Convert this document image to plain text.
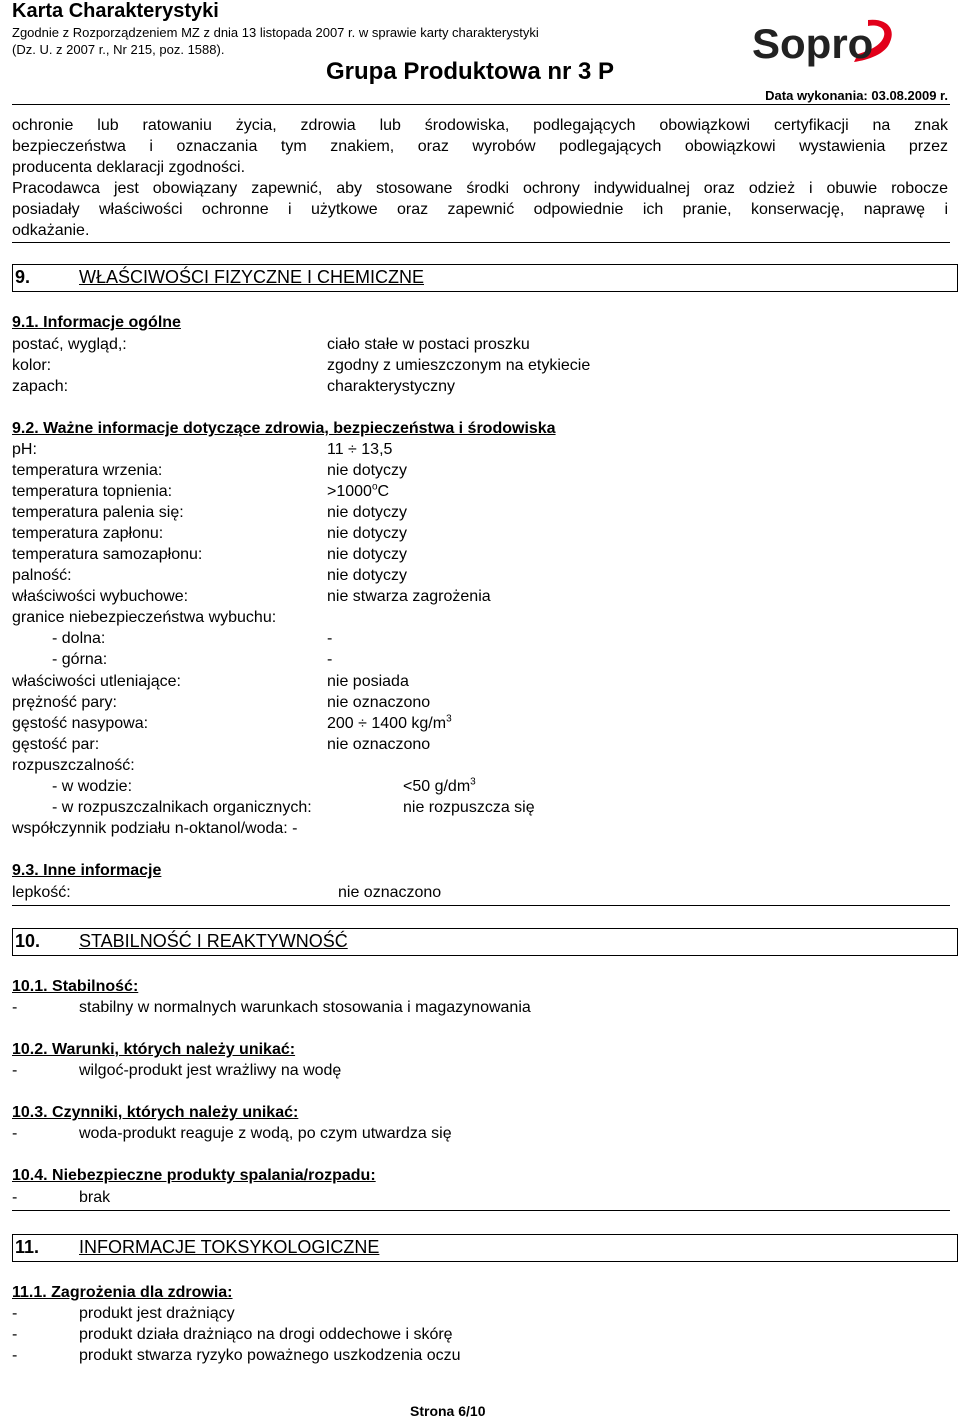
Karta Charakterystyki
Zgodnie z Rozporządzeniem MZ z dnia 13 listopada 2007 r. w sprawie karty charakterystyki
(Dz. U. z 2007 r., Nr 215, poz. 1588).
Grupa Produktowa nr 3 P
Sopro
Data wykonania: 03.08.2009 r.
ochronie lub ratowaniu życia, zdrowia lub środowiska, podlegających obowiązkowi certyfikacji na znak
bezpieczeństwa i oznaczania tym znakiem, oraz wyrobów podlegających obowiązkowi wystawienia przez
producenta deklaracji zgodności.
Pracodawca jest obowiązany zapewnić, aby stosowane środki ochrony indywidualnej oraz odzież i obuwie robocze
posiadały właściwości ochronne i użytkowe oraz zapewnić odpowiednie ich pranie, konserwację, naprawę i
odkażanie.
9.	WŁAŚCIWOŚCI FIZYCZNE I CHEMICZNE
9.1. Informacje ogólne
postać, wygląd,:	ciało stałe w postaci proszku
kolor:	zgodny z umieszczonym na etykiecie
zapach:	charakterystyczny
9.2. Ważne informacje dotyczące zdrowia, bezpieczeństwa i środowiska
pH:	11 ÷ 13,5
temperatura wrzenia:	nie dotyczy
temperatura topnienia:	$>1000^oC$
temperatura palenia się:	nie dotyczy
temperatura zapłonu:	nie dotyczy
temperatura samozapłonu:	nie dotyczy
palność:	nie dotyczy
właściwości wybuchowe:	nie stwarza zagrożenia
granice niebezpieczeństwa wybuchu:
- dolna:	-
- górna:	-
właściwości utleniające:	nie posiada
prężność pary:	nie oznaczono
gęstość nasypowa:	200 ÷ 1400 $kg/m^3$
gęstość par:	nie oznaczono
rozpuszczalność:
- w wodzie:	<50 $g/dm^3$
- w rozpuszczalnikach organicznych:	nie rozpuszcza się
współczynnik podziału n-oktanol/woda: -
9.3. Inne informacje
lepkość:	nie oznaczono
10. STABILNOŚĆ I REAKTYWNOŚĆ
10.1. Stabilność:
-	stabilny w normalnych warunkach stosowania i magazynowania
10.2. Warunki, których należy unikać:
-	wilgoć-produkt jest wrażliwy na wodę
10.3. Czynniki, których należy unikać:
-	woda-produkt reaguje z wodą, po czym utwardza się
10.4. Niebezpieczne produkty spalania/rozpadu:
-	brak
11. INFORMACJE TOKSYKOLOGICZNE
11.1. Zagrożenia dla zdrowia:
-	produkt jest drażniący
-	produkt działa drażniąco na drogi oddechowe i skórę
-	produkt stwarza ryzyko poważnego uszkodzenia oczu
Strona 6/10
